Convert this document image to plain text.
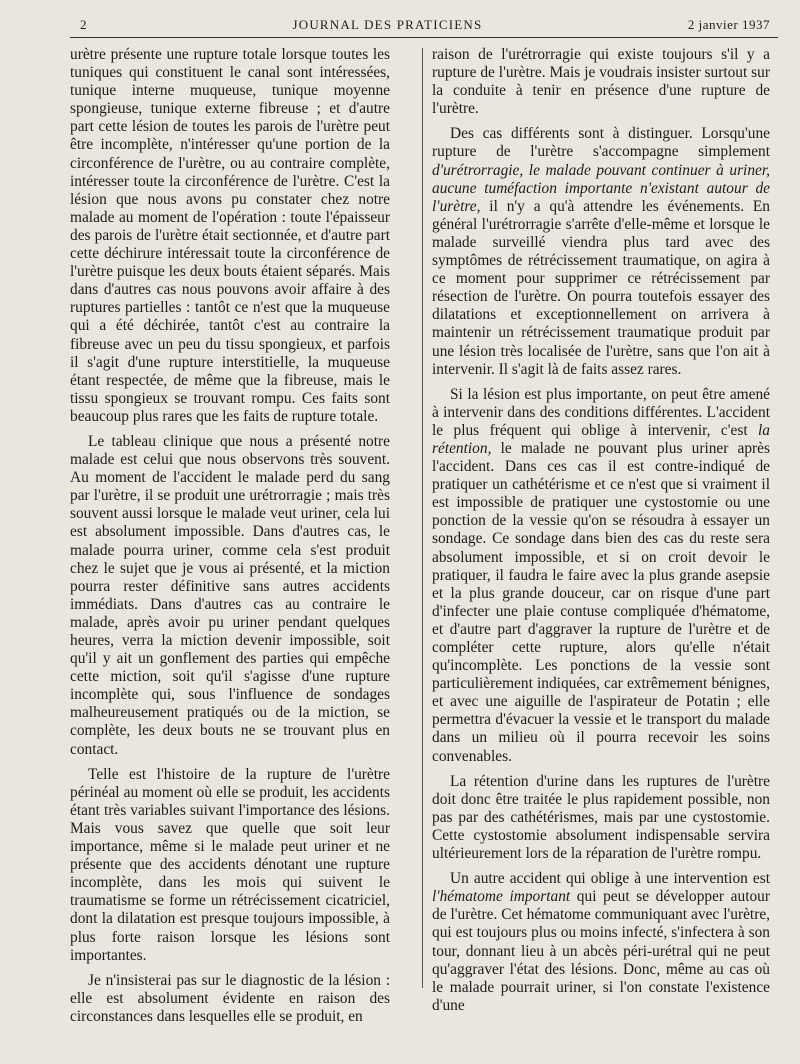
2	JOURNAL DES PRATICIENS	2 janvier 1937

urètre présente une rupture totale lorsque toutes les tuniques qui constituent le canal sont intéressées, tunique interne muqueuse, tunique moyenne spongieuse, tunique externe fibreuse ; et d'autre part cette lésion de toutes les parois de l'urètre peut être incomplète, n'intéresser qu'une portion de la circonférence de l'urètre, ou au contraire complète, intéresser toute la circonférence de l'urètre. C'est la lésion que nous avons pu constater chez notre malade au moment de l'opération : toute l'épaisseur des parois de l'urètre était sectionnée, et d'autre part cette déchirure intéressait toute la circonférence de l'urètre puisque les deux bouts étaient séparés. Mais dans d'autres cas nous pouvons avoir affaire à des ruptures partielles : tantôt ce n'est que la muqueuse qui a été déchirée, tantôt c'est au contraire la fibreuse avec un peu du tissu spongieux, et parfois il s'agit d'une rupture interstitielle, la muqueuse étant respectée, de même que la fibreuse, mais le tissu spongieux se trouvant rompu. Ces faits sont beaucoup plus rares que les faits de rupture totale.

Le tableau clinique que nous a présenté notre malade est celui que nous observons très souvent. Au moment de l'accident le malade perd du sang par l'urètre, il se produit une urétrorragie ; mais très souvent aussi lorsque le malade veut uriner, cela lui est absolument impossible. Dans d'autres cas, le malade pourra uriner, comme cela s'est produit chez le sujet que je vous ai présenté, et la miction pourra rester définitive sans autres accidents immédiats. Dans d'autres cas au contraire le malade, après avoir pu uriner pendant quelques heures, verra la miction devenir impossible, soit qu'il y ait un gonflement des parties qui empêche cette miction, soit qu'il s'agisse d'une rupture incomplète qui, sous l'influence de sondages malheureusement pratiqués ou de la miction, se complète, les deux bouts ne se trouvant plus en contact.

Telle est l'histoire de la rupture de l'urètre périnéal au moment où elle se produit, les accidents étant très variables suivant l'importance des lésions. Mais vous savez que quelle que soit leur importance, même si le malade peut uriner et ne présente que des accidents dénotant une rupture incomplète, dans les mois qui suivent le traumatisme se forme un rétrécissement cicatriciel, dont la dilatation est presque toujours impossible, à plus forte raison lorsque les lésions sont importantes.

Je n'insisterai pas sur le diagnostic de la lésion : elle est absolument évidente en raison des circonstances dans lesquelles elle se produit, en

raison de l'urétrorragie qui existe toujours s'il y a rupture de l'urètre. Mais je voudrais insister surtout sur la conduite à tenir en présence d'une rupture de l'urètre.

Des cas différents sont à distinguer. Lorsqu'une rupture de l'urètre s'accompagne simplement d'urétrorragie, le malade pouvant continuer à uriner, aucune tuméfaction importante n'existant autour de l'urètre, il n'y a qu'à attendre les événements. En général l'urétrorragie s'arrête d'elle-même et lorsque le malade surveillé viendra plus tard avec des symptômes de rétrécissement traumatique, on agira à ce moment pour supprimer ce rétrécissement par résection de l'urètre. On pourra toutefois essayer des dilatations et exceptionnellement on arrivera à maintenir un rétrécissement traumatique produit par une lésion très localisée de l'urètre, sans que l'on ait à intervenir. Il s'agit là de faits assez rares.

Si la lésion est plus importante, on peut être amené à intervenir dans des conditions différentes. L'accident le plus fréquent qui oblige à intervenir, c'est la rétention, le malade ne pouvant plus uriner après l'accident. Dans ces cas il est contre-indiqué de pratiquer un cathétérisme et ce n'est que si vraiment il est impossible de pratiquer une cystostomie ou une ponction de la vessie qu'on se résoudra à essayer un sondage. Ce sondage dans bien des cas du reste sera absolument impossible, et si on croit devoir le pratiquer, il faudra le faire avec la plus grande asepsie et la plus grande douceur, car on risque d'une part d'infecter une plaie contuse compliquée d'hématome, et d'autre part d'aggraver la rupture de l'urètre et de compléter cette rupture, alors qu'elle n'était qu'incomplète. Les ponctions de la vessie sont particulièrement indiquées, car extrêmement bénignes, et avec une aiguille de l'aspirateur de Potatin ; elle permettra d'évacuer la vessie et le transport du malade dans un milieu où il pourra recevoir les soins convenables.

La rétention d'urine dans les ruptures de l'urètre doit donc être traitée le plus rapidement possible, non pas par des cathétérismes, mais par une cystostomie. Cette cystostomie absolument indispensable servira ultérieurement lors de la réparation de l'urètre rompu.

Un autre accident qui oblige à une intervention est l'hématome important qui peut se développer autour de l'urètre. Cet hématome communiquant avec l'urètre, qui est toujours plus ou moins infecté, s'infectera à son tour, donnant lieu à un abcès péri-urétral qui ne peut qu'aggraver l'état des lésions. Donc, même au cas où le malade pourrait uriner, si l'on constate l'existence d'une
